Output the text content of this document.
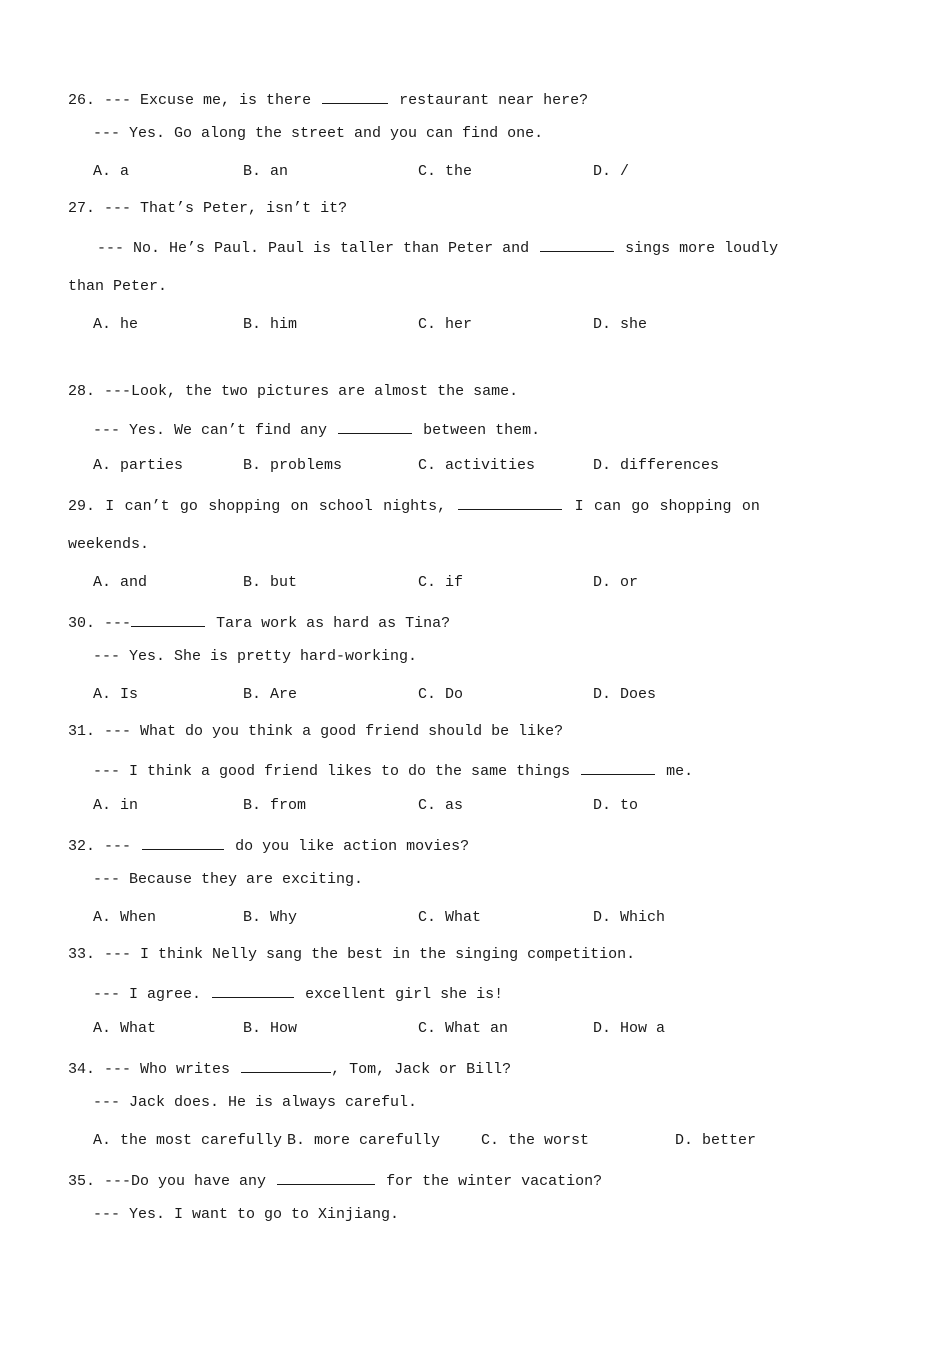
26. --- Excuse me, is there	restaurant near here?
--- Yes. Go along the street and you can find one.
A. a	B. an	C. the	D. /
27. --- That’s Peter, isn’t it?
--- No. He’s Paul. Paul is taller than Peter and	sings more loudly
than Peter.
A. he	B. him	C. her	D. she
28. ---Look, the two pictures are almost the same.
--- Yes. We can’t find any	between them.
A. parties	B. problems	C. activities	D. differences
29. I can’t go shopping on school nights,	I can go shopping on
weekends.
A. and	B. but	C. if	D. or
30. ---	Tara work as hard as Tina?
--- Yes. She is pretty hard-working.
A. Is	B. Are	C. Do	D. Does
31. --- What do you think a good friend should be like?
--- I think a good friend likes to do the same things	me.
A. in	B. from	C. as	D. to
32. ---	do you like action movies?
--- Because they are exciting.
A. When	B. Why	C. What	D. Which
33. --- I think Nelly sang the best in the singing competition.
--- I agree.	excellent girl she is!
A. What	B. How	C. What an	D. How a
34. --- Who writes	, Tom, Jack or Bill?
--- Jack does. He is always careful.
A. the most carefully B. more carefully	C. the worst	D. better
35. ---Do you have any	for the winter vacation?
--- Yes. I want to go to Xinjiang.
